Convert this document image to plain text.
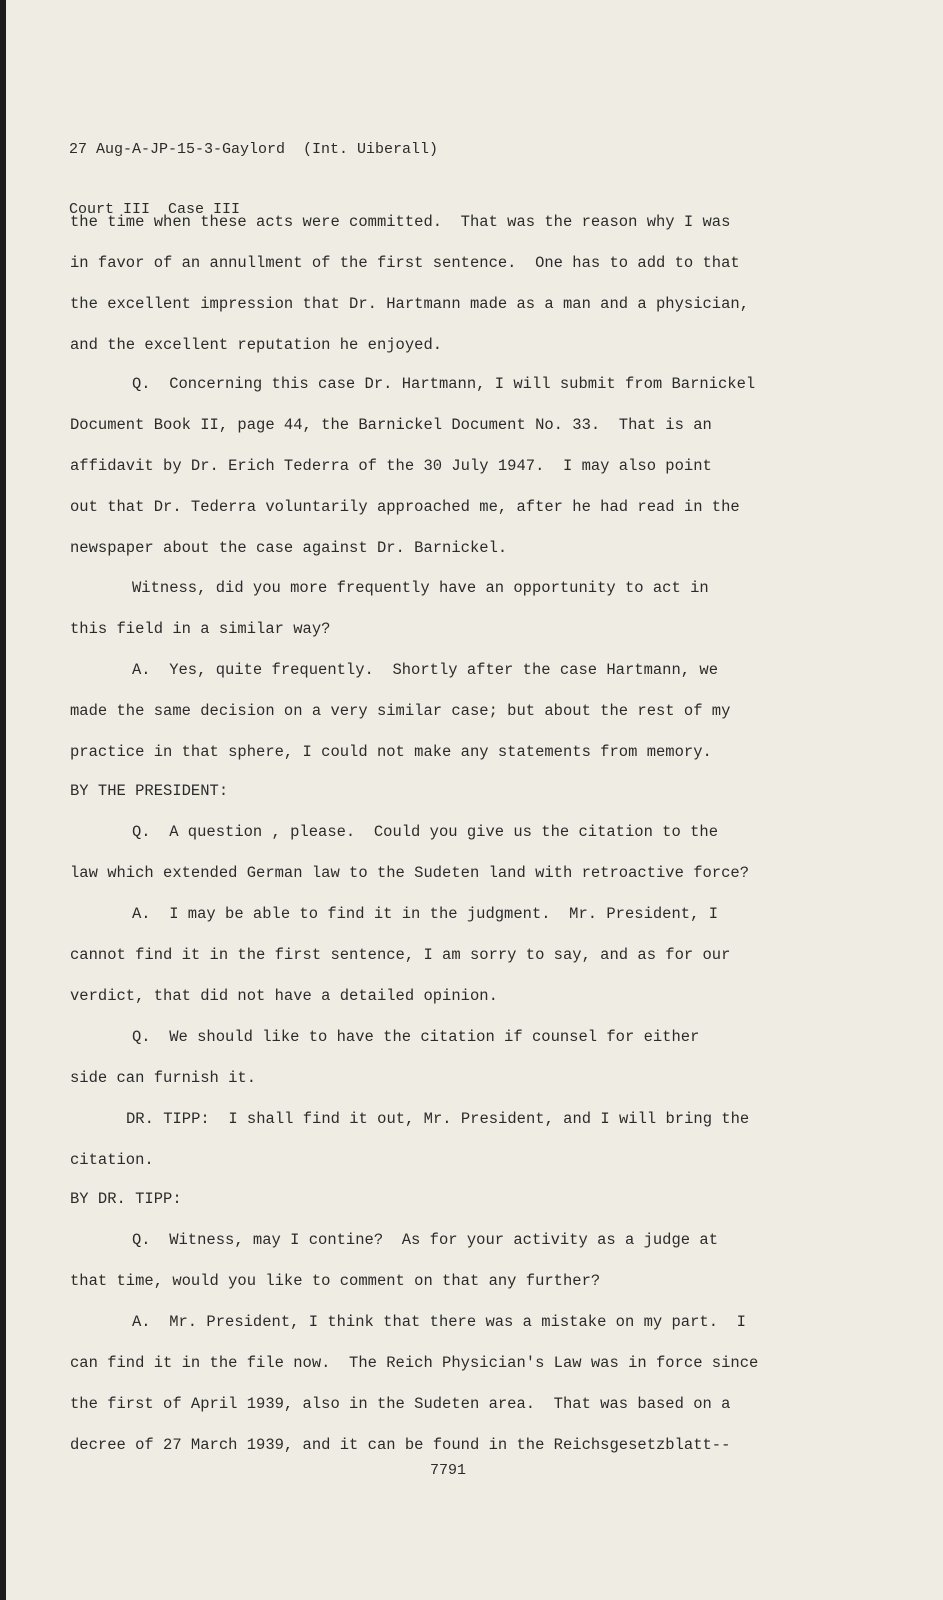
27 Aug-A-JP-15-3-Gaylord  (Int. Uiberall)

Court III  Case III

the time when these acts were committed.  That was the reason why I was
in favor of an annullment of the first sentence.  One has to add to that
the excellent impression that Dr. Hartmann made as a man and a physician,
and the excellent reputation he enjoyed.
Q.  Concerning this case Dr. Hartmann, I will submit from Barnickel
Document Book II, page 44, the Barnickel Document No. 33.  That is an
affidavit by Dr. Erich Tederra of the 30 July 1947.  I may also point
out that Dr. Tederra voluntarily approached me, after he had read in the
newspaper about the case against Dr. Barnickel.
Witness, did you more frequently have an opportunity to act in
this field in a similar way?
A.  Yes, quite frequently.  Shortly after the case Hartmann, we
made the same decision on a very similar case; but about the rest of my
practice in that sphere, I could not make any statements from memory.
BY THE PRESIDENT:
Q.  A question , please.  Could you give us the citation to the
law which extended German law to the Sudeten land with retroactive force?
A.  I may be able to find it in the judgment.  Mr. President, I
cannot find it in the first sentence, I am sorry to say, and as for our
verdict, that did not have a detailed opinion.
Q.  We should like to have the citation if counsel for either
side can furnish it.
DR. TIPP:  I shall find it out, Mr. President, and I will bring the
citation.
BY DR. TIPP:
Q.  Witness, may I contine?  As for your activity as a judge at
that time, would you like to comment on that any further?
A.  Mr. President, I think that there was a mistake on my part.  I
can find it in the file now.  The Reich Physician's Law was in force since
the first of April 1939, also in the Sudeten area.  That was based on a
decree of 27 March 1939, and it can be found in the Reichsgesetzblatt--
7791
